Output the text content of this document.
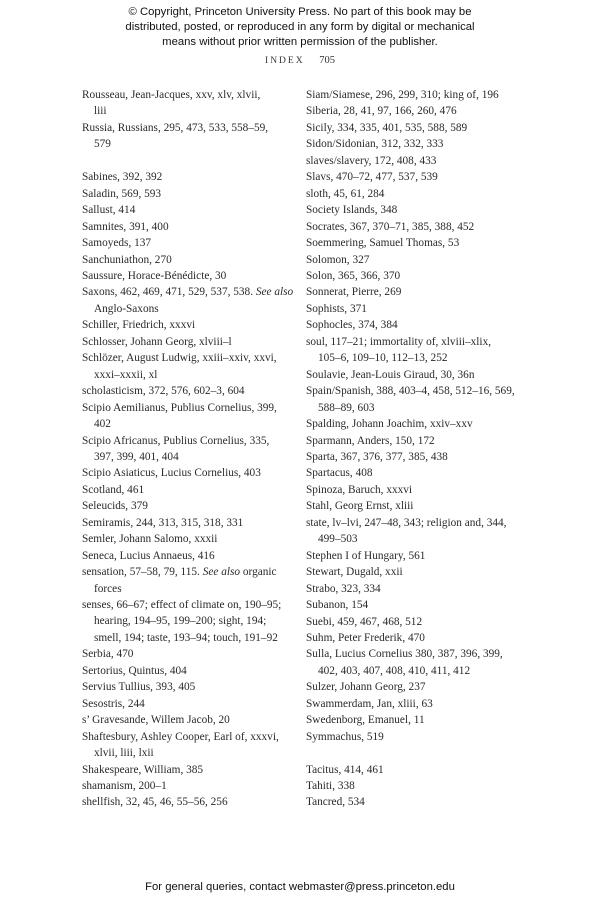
© Copyright, Princeton University Press. No part of this book may be
distributed, posted, or reproduced in any form by digital or mechanical
means without prior written permission of the publisher.
INDEX 705
Rousseau, Jean-Jacques, xxv, xlv, xlvii,
liii
Russia, Russians, 295, 473, 533, 558–59,
579
Sabines, 392, 392
Saladin, 569, 593
Sallust, 414
Samnites, 391, 400
Samoyeds, 137
Sanchuniathon, 270
Saussure, Horace-Bénédicte, 30
Saxons, 462, 469, 471, 529, 537, 538. See also
Anglo-Saxons
Schiller, Friedrich, xxxvi
Schlosser, Johann Georg, xlviii–l
Schlözer, August Ludwig, xxiii–xxiv, xxvi,
xxxi–xxxii, xl
scholasticism, 372, 576, 602–3, 604
Scipio Aemilianus, Publius Cornelius, 399,
402
Scipio Africanus, Publius Cornelius, 335,
397, 399, 401, 404
Scipio Asiaticus, Lucius Cornelius, 403
Scotland, 461
Seleucids, 379
Semiramis, 244, 313, 315, 318, 331
Semler, Johann Salomo, xxxii
Seneca, Lucius Annaeus, 416
sensation, 57–58, 79, 115. See also organic
forces
senses, 66–67; effect of climate on, 190–95;
hearing, 194–95, 199–200; sight, 194;
smell, 194; taste, 193–94; touch, 191–92
Serbia, 470
Sertorius, Quintus, 404
Servius Tullius, 393, 405
Sesostris, 244
s’ Gravesande, Willem Jacob, 20
Shaftesbury, Ashley Cooper, Earl of, xxxvi,
xlvii, liii, lxii
Shakespeare, William, 385
shamanism, 200–1
shellfish, 32, 45, 46, 55–56, 256
Siam/Siamese, 296, 299, 310; king of, 196
Siberia, 28, 41, 97, 166, 260, 476
Sicily, 334, 335, 401, 535, 588, 589
Sidon/Sidonian, 312, 332, 333
slaves/slavery, 172, 408, 433
Slavs, 470–72, 477, 537, 539
sloth, 45, 61, 284
Society Islands, 348
Socrates, 367, 370–71, 385, 388, 452
Soemmering, Samuel Thomas, 53
Solomon, 327
Solon, 365, 366, 370
Sonnerat, Pierre, 269
Sophists, 371
Sophocles, 374, 384
soul, 117–21; immortality of, xlviii–xlix,
105–6, 109–10, 112–13, 252
Soulavie, Jean-Louis Giraud, 30, 36n
Spain/Spanish, 388, 403–4, 458, 512–16, 569,
588–89, 603
Spalding, Johann Joachim, xxiv–xxv
Sparmann, Anders, 150, 172
Sparta, 367, 376, 377, 385, 438
Spartacus, 408
Spinoza, Baruch, xxxvi
Stahl, Georg Ernst, xliii
state, lv–lvi, 247–48, 343; religion and, 344,
499–503
Stephen I of Hungary, 561
Stewart, Dugald, xxii
Strabo, 323, 334
Subanon, 154
Suebi, 459, 467, 468, 512
Suhm, Peter Frederik, 470
Sulla, Lucius Cornelius 380, 387, 396, 399,
402, 403, 407, 408, 410, 411, 412
Sulzer, Johann Georg, 237
Swammerdam, Jan, xliii, 63
Swedenborg, Emanuel, 11
Symmachus, 519
Tacitus, 414, 461
Tahiti, 338
Tancred, 534
For general queries, contact webmaster@press.princeton.edu
